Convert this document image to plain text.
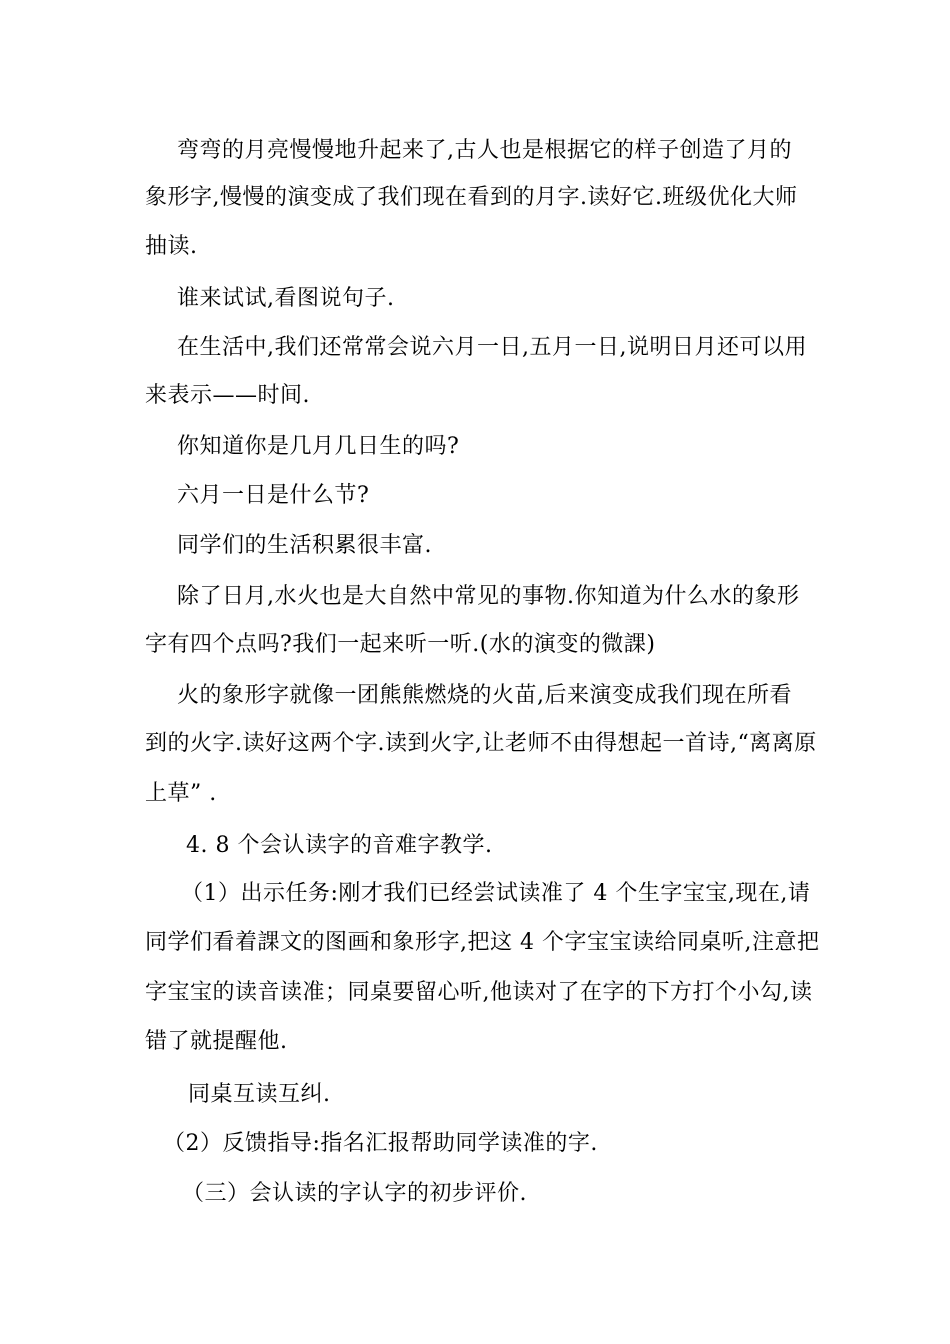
弯弯的月亮慢慢地升起来了,古人也是根据它的样子创造了月的
象形字,慢慢的演变成了我们现在看到的月字.读好它.班级优化大师
抽读.
谁来试试,看图说句子.
在生活中,我们还常常会说六月一日,五月一日,说明日月还可以用
来表示——时间.
你知道你是几月几日生的吗?
六月一日是什么节?
同学们的生活积累很丰富.
除了日月,水火也是大自然中常见的事物.你知道为什么水的象形
字有四个点吗?我们一起来听一听.(水的演变的微課)
火的象形字就像一团熊熊燃烧的火苗,后来演变成我们现在所看
到的火字.读好这两个字.读到火字,让老师不由得想起一首诗,“离离原
上草” .
4. 8 个会认读字的音难字教学.
（1）出示任务:刚才我们已经尝试读准了 4 个生字宝宝,现在,请
同学们看着課文的图画和象形字,把这 4 个字宝宝读给同桌听,注意把
字宝宝的读音读准；同桌要留心听,他读对了在字的下方打个小勾,读
错了就提醒他.
同桌互读互纠.
（2）反馈指导:指名汇报帮助同学读准的字.
（三）会认读的字认字的初步评价.
